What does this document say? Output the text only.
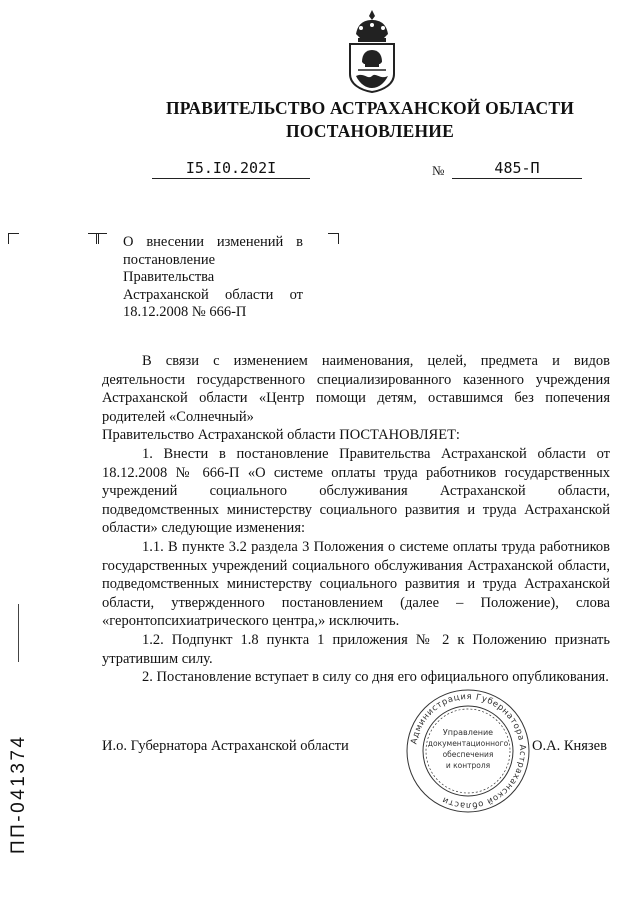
ПРАВИТЕЛЬСТВО АСТРАХАНСКОЙ ОБЛАСТИ
ПОСТАНОВЛЕНИЕ
I5.I0.202I	№	485-П
О внесении изменений в постановление Правительства Астраханской области от 18.12.2008 № 666-П

В связи с изменением наименования, целей, предмета и видов деятельности государственного специализированного казенного учреждения Астраханской области «Центр помощи детям, оставшимся без попечения родителей «Солнечный»

Правительство Астраханской области ПОСТАНОВЛЯЕТ:

1. Внести в постановление Правительства Астраханской области от 18.12.2008 № 666-П «О системе оплаты труда работников государственных учреждений социального обслуживания Астраханской области, подведомственных министерству социального развития и труда Астраханской области» следующие изменения:

1.1. В пункте 3.2 раздела 3 Положения о системе оплаты труда работников государственных учреждений социального обслуживания Астраханской области, подведомственных министерству социального развития и труда Астраханской области, утвержденного постановлением (далее – Положение), слова «геронтопсихиатрического центра,» исключить.

1.2. Подпункт 1.8 пункта 1 приложения № 2 к Положению признать утратившим силу.

2. Постановление вступает в силу со дня его официального опубликования.

И.о. Губернатора Астраханской области	О.А. Князев
Администрация Губернатора Астраханской области
Управление
документационного
обеспечения
и контроля
ПП-041374
